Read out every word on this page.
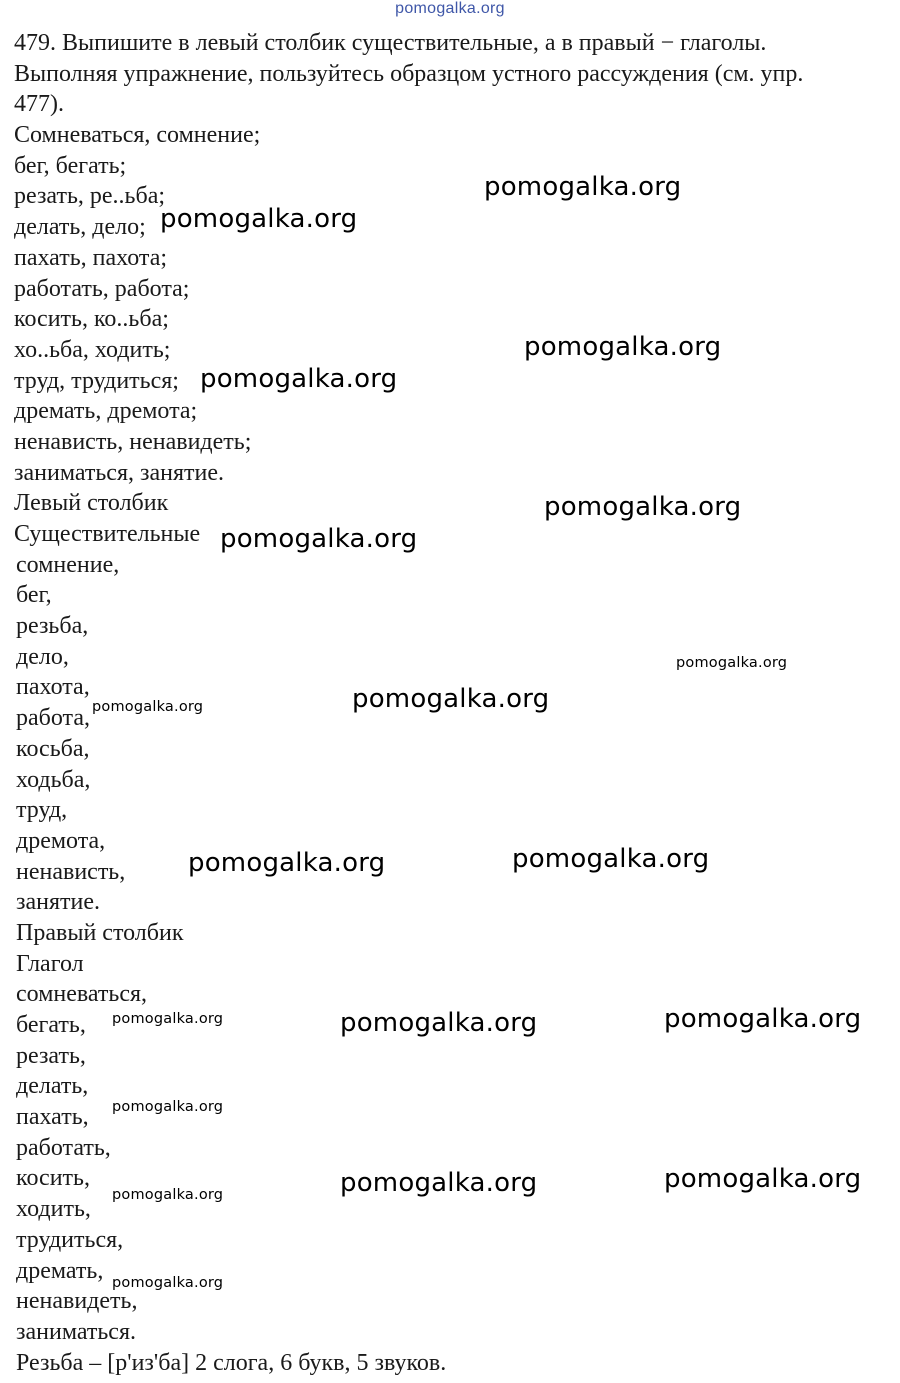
pomogalka.org
479. Выпишите в левый столбик существительные, а в правый − глаголы.
Выполняя упражнение, пользуйтесь образцом устного рассуждения (см. упр.
477).
Сомневаться, сомнение;
бег, бегать;
резать, ре..ьба;
делать, дело;
пахать, пахота;
работать, работа;
косить, ко..ьба;
хо..ьба, ходить;
труд, трудиться;
дремать, дремота;
ненависть, ненавидеть;
заниматься, занятие.
Левый столбик
Существительные
сомнение,
бег,
резьба,
дело,
пахота,
работа,
косьба,
ходьба,
труд,
дремота,
ненависть,
занятие.
Правый столбик
Глагол
сомневаться,
бегать,
резать,
делать,
пахать,
работать,
косить,
ходить,
трудиться,
дремать,
ненавидеть,
заниматься.
Резьба – [р'из'ба] 2 слога, 6 букв, 5 звуков.
pomogalka.org
pomogalka.org
pomogalka.org
pomogalka.org
pomogalka.org
pomogalka.org
pomogalka.org
pomogalka.org
pomogalka.org
pomogalka.org
pomogalka.org
pomogalka.org
pomogalka.org	pomogalka.org
pomogalka.org
pomogalka.org
pomogalka.org
pomogalka.org
pomogalka.org
